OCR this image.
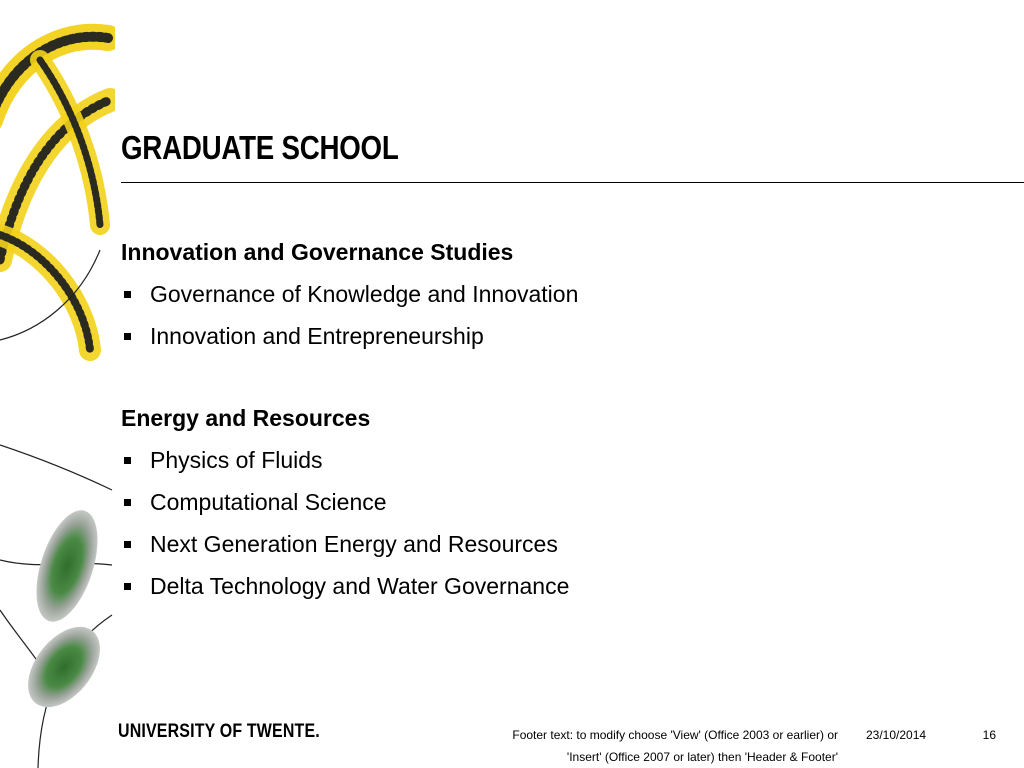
GRADUATE SCHOOL
Innovation and Governance Studies
Governance of Knowledge and Innovation
Innovation and Entrepreneurship
Energy and Resources
Physics of Fluids
Computational Science
Next Generation Energy and Resources
Delta Technology and Water Governance
UNIVERSITY OF TWENTE.	Footer text: to modify choose 'View' (Office 2003 or earlier) or
'Insert' (Office 2007 or later) then 'Header & Footer'
23/10/2014	16
